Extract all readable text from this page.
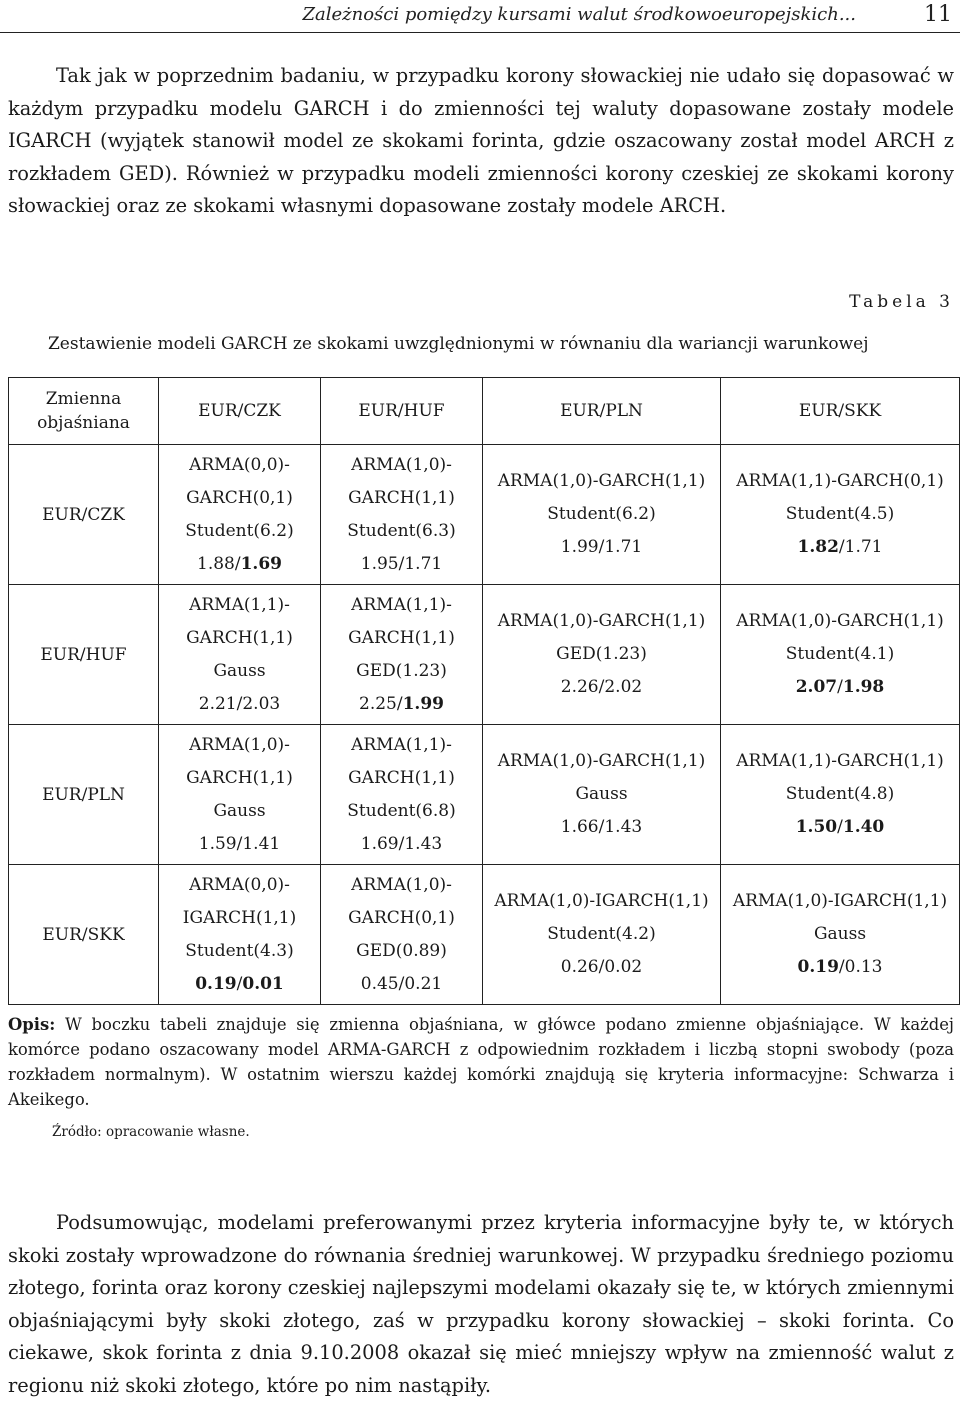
Zależności pomiędzy kursami walut środkowoeuropejskich...	11

Tak jak w poprzednim badaniu, w przypadku korony słowackiej nie udało się dopasować w każdym przypadku modelu GARCH i do zmienności tej waluty dopasowane zostały modele IGARCH (wyjątek stanowił model ze skokami forinta, gdzie oszacowany został model ARCH z rozkładem GED). Również w przypadku modeli zmienności korony czeskiej ze skokami korony słowackiej oraz ze skokami własnymi dopasowane zostały modele ARCH.

Tabela 3
Zestawienie modeli GARCH ze skokami uwzględnionymi w równaniu dla wariancji warunkowej
Zmienna
objaśniana	EUR/CZK	EUR/HUF	EUR/PLN	EUR/SKK
EUR/CZK	ARMA(0,0)-
GARCH(0,1)
Student(6.2)
1.88/1.69	ARMA(1,0)-
GARCH(1,1)
Student(6.3)
1.95/1.71	ARMA(1,0)-GARCH(1,1)
Student(6.2)
1.99/1.71	ARMA(1,1)-GARCH(0,1)
Student(4.5)
1.82/1.71

EUR/HUF	ARMA(1,1)-
GARCH(1,1)
Gauss
2.21/2.03	ARMA(1,1)-
GARCH(1,1)
GED(1.23)
2.25/1.99	ARMA(1,0)-GARCH(1,1)
GED(1.23)
2.26/2.02	ARMA(1,0)-GARCH(1,1)
Student(4.1)
2.07/1.98

EUR/PLN	ARMA(1,0)-
GARCH(1,1)
Gauss
1.59/1.41	ARMA(1,1)-
GARCH(1,1)
Student(6.8)
1.69/1.43	ARMA(1,0)-GARCH(1,1)
Gauss
1.66/1.43	ARMA(1,1)-GARCH(1,1)
Student(4.8)
1.50/1.40

EUR/SKK	ARMA(0,0)-
IGARCH(1,1)
Student(4.3)
0.19/0.01	ARMA(1,0)-
GARCH(0,1)
GED(0.89)
0.45/0.21	ARMA(1,0)-IGARCH(1,1)
Student(4.2)
0.26/0.02	ARMA(1,0)-IGARCH(1,1)
Gauss
0.19/0.13
Opis: W boczku tabeli znajduje się zmienna objaśniana, w główce podano zmienne objaśniające. W każdej komórce podano oszacowany model ARMA-GARCH z odpowiednim rozkładem i liczbą stopni swobody (poza rozkładem normalnym). W ostatnim wierszu każdej komórki znajdują się kryteria informacyjne: Schwarza i Akeikego.
Źródło: opracowanie własne.

Podsumowując, modelami preferowanymi przez kryteria informacyjne były te, w których skoki zostały wprowadzone do równania średniej warunkowej. W przypadku średniego poziomu złotego, forinta oraz korony czeskiej najlepszymi modelami okazały się te, w których zmiennymi objaśniającymi były skoki złotego, zaś w przypadku korony słowackiej – skoki forinta. Co ciekawe, skok forinta z dnia 9.10.2008 okazał się mieć mniejszy wpływ na zmienność walut z regionu niż skoki złotego, które po nim nastąpiły.
